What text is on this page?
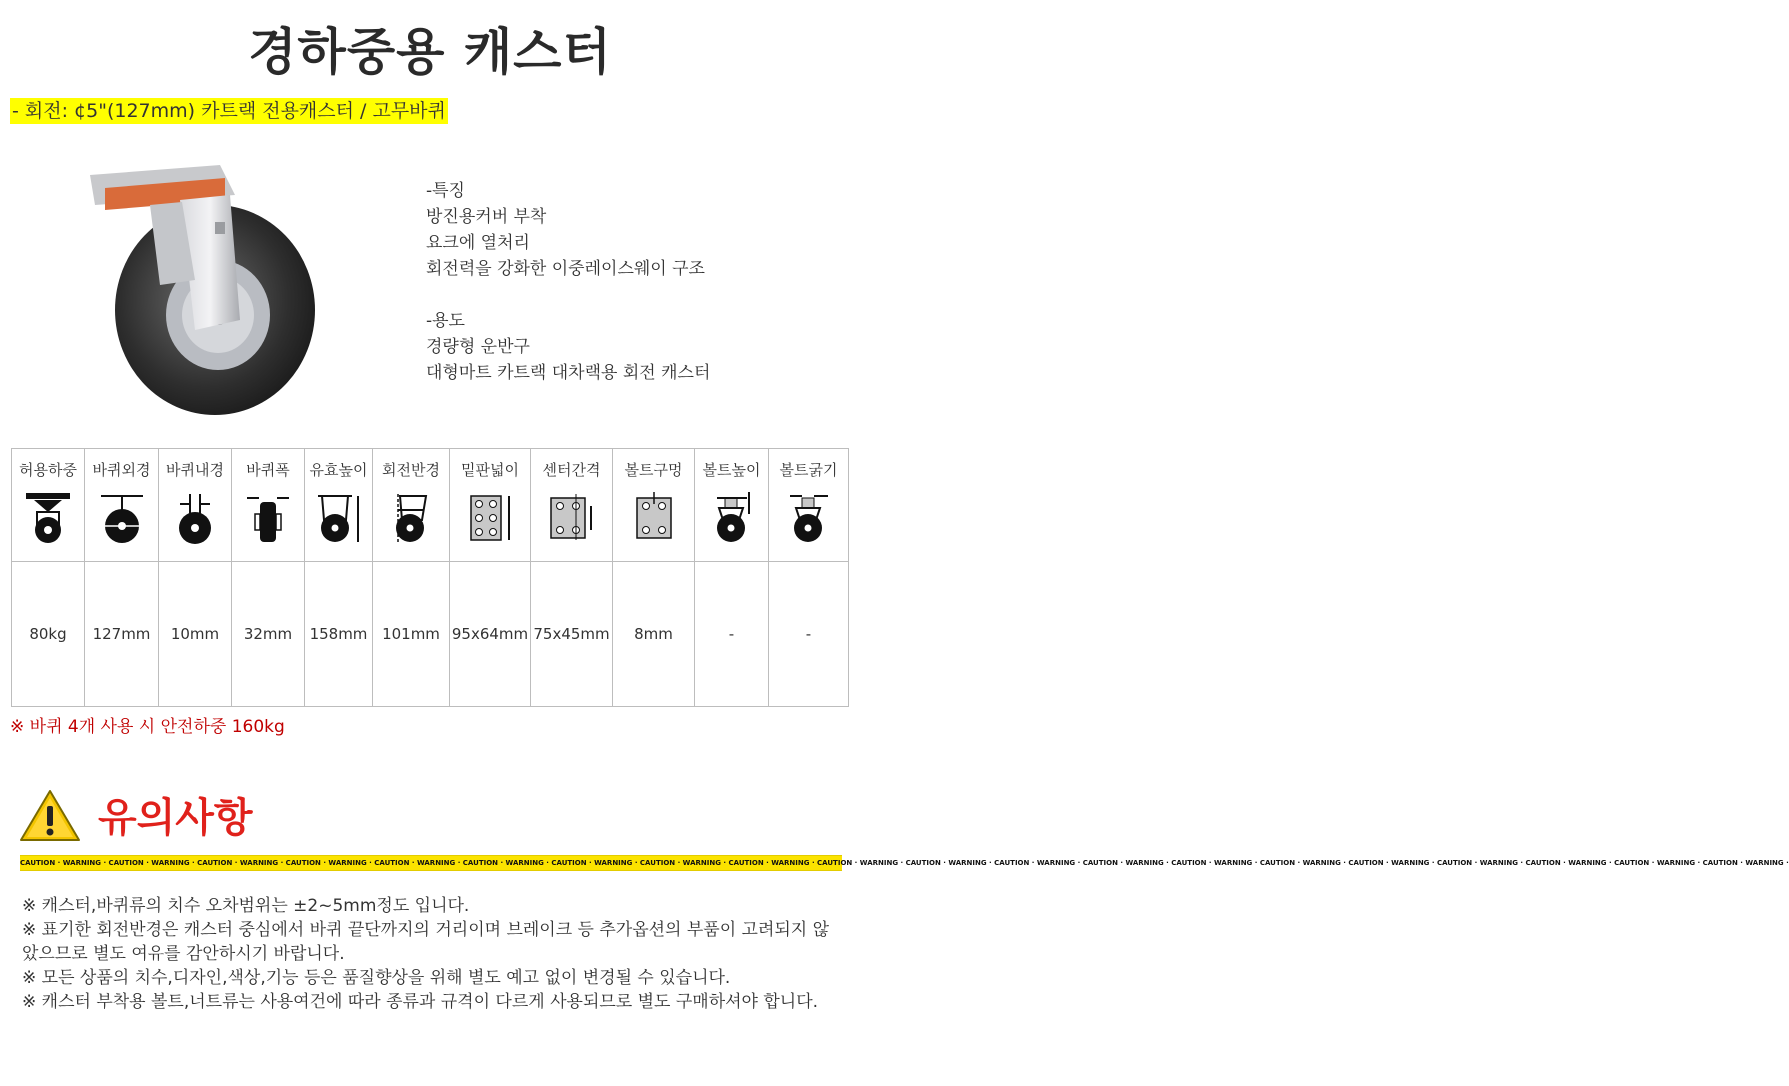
경하중용 캐스터
- 회전: ¢5"(127mm) 카트랙 전용캐스터 / 고무바퀴
-특징
방진용커버 부착
요크에 열처리
회전력을 강화한 이중레이스웨이 구조
-용도
경량형 운반구
대형마트 카트랙 대차랙용 회전 캐스터
허용하중	바퀴외경	바퀴내경	바퀴폭	유효높이	회전반경	밑판넓이	센터간격	볼트구멍	볼트높이	볼트굵기

80kg	127mm	10mm	32mm	158mm	101mm	95x64mm	75x45mm	8mm	-	-
※ 바퀴 4개 사용 시 안전하중 160kg
유의사항
CAUTION · WARNING · CAUTION · WARNING · CAUTION · WARNING · CAUTION · WARNING · CAUTION · WARNING · CAUTION · WARNING · CAUTION · WARNING · CAUTION · WARNING · CAUTION · WARNING · CAUTION · WARNING · CAUTION · WARNING · CAUTION · WARNING · CAUTION · WARNING · CAUTION · WARNING · CAUTION · WARNING · CAUTION · WARNING · CAUTION · WARNING · CAUTION · WARNING · CAUTION · WARNING · CAUTION · WARNING ·
※ 캐스터,바퀴류의 치수 오차범위는 ±2~5mm정도 입니다.
※ 표기한 회전반경은 캐스터 중심에서 바퀴 끝단까지의 거리이며 브레이크 등 추가옵션의 부품이 고려되지 않았으므로 별도 여유를 감안하시기 바랍니다.
※ 모든 상품의 치수,디자인,색상,기능 등은 품질향상을 위해 별도 예고 없이 변경될 수 있습니다.
※ 캐스터 부착용 볼트,너트류는 사용여건에 따라 종류과 규격이 다르게 사용되므로 별도 구매하셔야 합니다.
